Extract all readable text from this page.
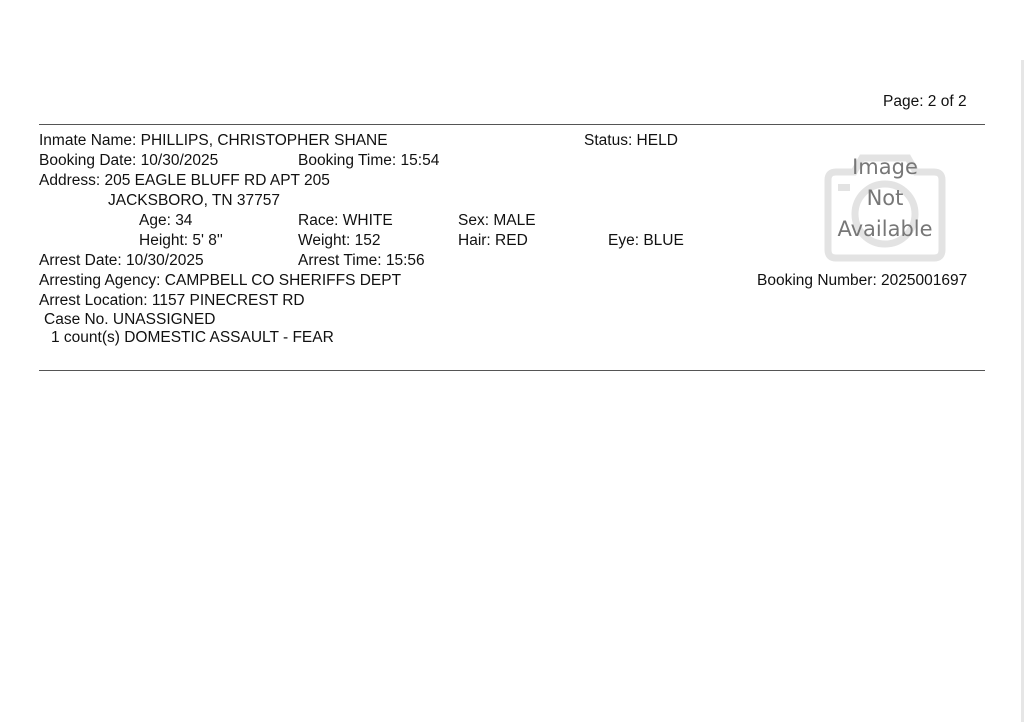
Page: 2 of 2
Inmate Name: PHILLIPS, CHRISTOPHER SHANE	Status: HELD
Booking Date: 10/30/2025	Booking Time: 15:54
Address: 205 EAGLE BLUFF RD APT 205
JACKSBORO, TN 37757
Age: 34	Race: WHITE	Sex: MALE
Height: 5' 8''	Weight: 152	Hair: RED	Eye: BLUE
Arrest Date: 10/30/2025	Arrest Time: 15:56
Arresting Agency: CAMPBELL CO SHERIFFS DEPT	Booking Number: 2025001697
Arrest Location: 1157 PINECREST RD
Case No. UNASSIGNED
1 count(s) DOMESTIC ASSAULT - FEAR
Image
Not
Available
